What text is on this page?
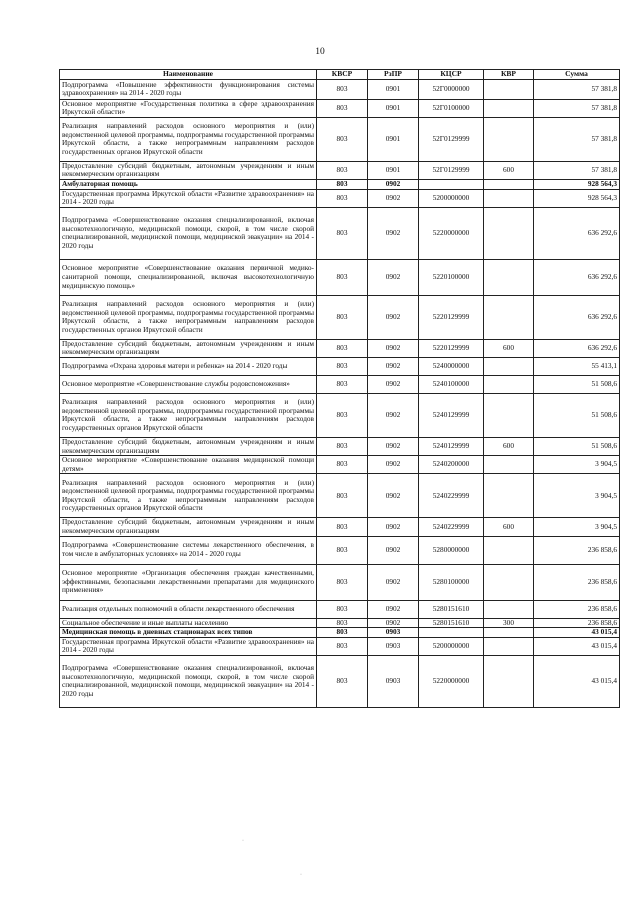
10
Наименование	КВСР	РзПР	КЦСР	КВР	Сумма
Подпрограмма «Повышение эффективности функционирования системы здравоохранения» на 2014 - 2020 годы	803	0901	52Г0000000		57 381,8
Основное мероприятие «Государственная политика в сфере здравоохранения Иркутской области»	803	0901	52Г0100000		57 381,8
Реализация направлений расходов основного мероприятия и (или) ведомственной целевой программы, подпрограммы государственной программы Иркутской области, а также непрограммным направлениям расходов государственных органов Иркутской области	803	0901	52Г0129999		57 381,8
Предоставление субсидий бюджетным, автономным учреждениям и иным некоммерческим организациям	803	0901	52Г0129999	600	57 381,8
Амбулаторная помощь	803	0902			928 564,3
Государственная программа Иркутской области «Развитие здравоохранения» на 2014 - 2020 годы	803	0902	5200000000		928 564,3
Подпрограмма «Совершенствование оказания специализированной, включая высокотехнологичную, медицинской помощи, скорой, в том числе скорой специализированной, медицинской помощи, медицинской эвакуации» на 2014 - 2020 годы	803	0902	5220000000		636 292,6
Основное мероприятие «Совершенствование оказания первичной медико-санитарной помощи, специализированной, включая высокотехнологичную медицинскую помощь»	803	0902	5220100000		636 292,6
Реализация направлений расходов основного мероприятия и (или) ведомственной целевой программы, подпрограммы государственной программы Иркутской области, а также непрограммным направлениям расходов государственных органов Иркутской области	803	0902	5220129999		636 292,6
Предоставление субсидий бюджетным, автономным учреждениям и иным некоммерческим организациям	803	0902	5220129999	600	636 292,6
Подпрограмма «Охрана здоровья матери и ребенка» на 2014 - 2020 годы	803	0902	5240000000		55 413,1
Основное мероприятие «Совершенствование службы родовспоможения»	803	0902	5240100000		51 508,6
Реализация направлений расходов основного мероприятия и (или) ведомственной целевой программы, подпрограммы государственной программы Иркутской области, а также непрограммным направлениям расходов государственных органов Иркутской области	803	0902	5240129999		51 508,6
Предоставление субсидий бюджетным, автономным учреждениям и иным некоммерческим организациям	803	0902	5240129999	600	51 508,6
Основное мероприятие «Совершенствование оказания медицинской помощи детям»	803	0902	5240200000		3 904,5
Реализация направлений расходов основного мероприятия и (или) ведомственной целевой программы, подпрограммы государственной программы Иркутской области, а также непрограммным направлениям расходов государственных органов Иркутской области	803	0902	5240229999		3 904,5
Предоставление субсидий бюджетным, автономным учреждениям и иным некоммерческим организациям	803	0902	5240229999	600	3 904,5
Подпрограмма «Совершенствование системы лекарственного обеспечения, в том числе в амбулаторных условиях» на 2014 - 2020 годы	803	0902	5280000000		236 858,6
Основное мероприятие «Организация обеспечения граждан качественными, эффективными, безопасными лекарственными препаратами для медицинского применения»	803	0902	5280100000		236 858,6
Реализация отдельных полномочий в области лекарственного обеспечения	803	0902	5280151610		236 858,6
Социальное обеспечение и иные выплаты населению	803	0902	5280151610	300	236 858,6
Медицинская помощь в дневных стационарах всех типов	803	0903			43 015,4
Государственная программа Иркутской области «Развитие здравоохранения» на 2014 - 2020 годы	803	0903	5200000000		43 015,4
Подпрограмма «Совершенствование оказания специализированной, включая высокотехнологичную, медицинской помощи, скорой, в том числе скорой специализированной, медицинской помощи, медицинской эвакуации» на 2014 - 2020 годы	803	0903	5220000000		43 015,4
·
·
